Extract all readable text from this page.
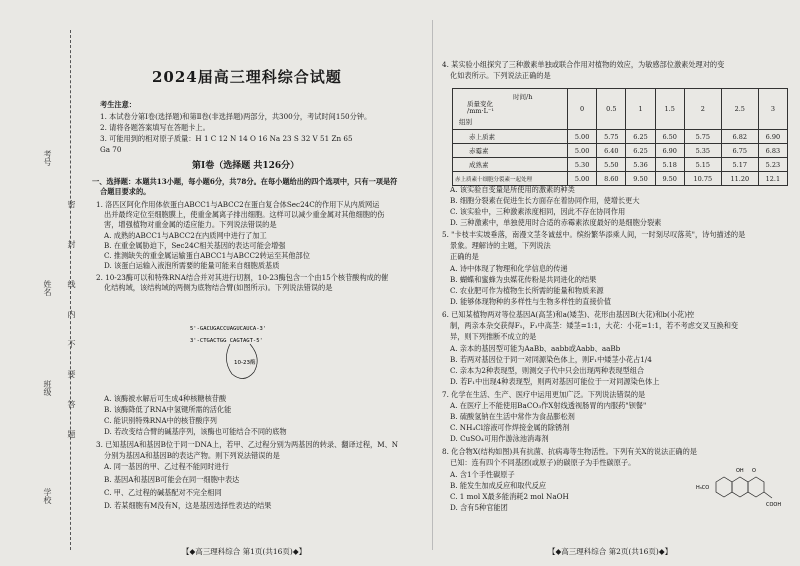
考号
姓名
班级
学校
密
封
线
内
不
要
答
题
2024届高三理科综合试题
考生注意：
1. 本试卷分第Ⅰ卷(选择题)和第Ⅱ卷(非选择题)两部分，共300分，考试时间150分钟。
2. 请将各题答案填写在答题卡上。
3. 可能用到的相对原子质量：H 1 C 12 N 14 O 16 Na 23 S 32 V 51 Zn 65
Ga 70
第Ⅰ卷（选择题 共126分）
一、选择题：本题共13小题，每小题6分，共78分。在每小题给出的四个选项中，只有一项是符
合题目要求的。
1. 洛匹区阿化作用体依蛋白ABCC1与ABCC2在蛋白复合体Sec24C的作用下从内质网运
出并最终定位至细胞膜上，使重金属离子排出细胞。这样可以减少重金属对其他细胞的伤
害，增强植物对重金属的适应能力。下列说法错误的是
A. 成熟的ABCC1与ABCC2在内质网中进行了加工
B. 在重金属胁迫下，Sec24C相关基因的表达可能会增强
C. 推测缺失的重金属运输蛋白ABCC1与ABCC2转运至其他部位
D. 该蛋白运输入液泡所需要的能量可能来自细胞质基质
2. 10-23酶可以和特殊RNA结合并对其进行切割，10-23酶包含一个由15个核苷酸构成的催
化结构域，该结构域的两侧为底物结合臂(如图所示)。下列说法错误的是
5'-GACUGACCUAGUCAUCA-3'
3'-CTGACTGG CAGTAGT-5'
10-23酶
A. 该酶被水解后可生成4种核糖核苷酸
B. 该酶降低了RNA中氢键所需的活化能
C. 能识别特殊RNA中的核苷酸序列
D. 若改变结合臂的碱基序列，该酶也可能结合不同的底物
3. 已知基因A和基因B位于同一DNA上，若甲、乙过程分别为两基因的转录、翻译过程，M、N
分别为基因A和基因B的表达产物。则下列说法错误的是
A. 同一基因的甲、乙过程不能同时进行
B. 基因A和基因B可能会在同一细胞中表达
C. 甲、乙过程的碱基配对不完全相同
D. 若某细胞有M没有N，这是基因选择性表达的结果
【◆高三理科综合 第1页(共16页)◆】
4. 某实验小组探究了三种激素单独或联合作用对植物的效应，为敏感部位激素处理对的变
化如表所示。下列说法正确的是
时间/h
质量变化
/mm·L⁻¹
组别	0	0.5	1	1.5	2	2.5	3
赤上质素	5.00	5.75	6.25	6.50	5.75	6.82	6.90
赤霉素	5.00	6.40	6.25	6.90	5.35	6.75	6.83
成熟素	5.30	5.50	5.36	5.18	5.15	5.17	5.23
赤上质素十细胞分裂素一起处理	5.00	8.60	9.50	9.50	10.75	11.20	12.1
A. 该实验自变量是所使用的激素的种类
B. 细胞分裂素在促进生长方面存在着协同作用，使增长更大
C. 该实验中，三种激素浓度相同，因此不存在协同作用
D. 三种激素中，单独使用时合适的赤霉素浓度最好的是细胞分裂素
5. "卡枝丰实坡垂落，南漫文茎冬诚兹中。缤纷繁华添乘人间，一时刻尽叹落英"，诗句描述的是
景象。理解诗的主题，下列说法
正确的是
A. 诗中体现了物理和化学信息的传递
B. 蝴蝶和蜜蜂为虫媒花传粉是共同进化的结果
C. 农业肥可作为植物生长所需的能量和物质来源
D. 能够体现物种的多样性与生物多样性的直接价值
6. 已知某植物两对等位基因A(高茎)和a(矮茎)、花形由基因B(大花)和b(小花)控
制，两亲本杂交获得F₁，F₁中高茎：矮茎=1:1，大花：小花=1:1，若不考虑交叉互换和变
异，则下列推断不成立的是
A. 亲本的基因型可能为AaBb、aabb或Aabb、aaBb
B. 若两对基因位于同一对同源染色体上，则F₁中矮茎小花占1/4
C. 亲本为2种表现型，则测交子代中只会出现两种表现型组合
D. 若F₁中出现4种表现型，则两对基因可能位于一对同源染色体上
7. 化学在生活、生产、医疗中运用更加广泛。下列说法错误的是
A. 在医疗上不能使用BaCO₃作X射线透视肠胃的内服药"钡餐"
B. 硫酸氢钠在生活中常作为食品膨松剂
C. NH₄Cl溶液可作焊接金属的除锈剂
D. CuSO₄可用作游泳池消毒剂
8. 化合物X(结构如图)具有抗菌、抗病毒等生物活性。下列有关X的说法正确的是
已知：连有四个不同基团(或原子)的碳原子为手性碳原子。
A. 含1个手性碳原子
B. 能发生加成反应和取代反应
C. 1 mol X最多能消耗2 mol NaOH
D. 含有5种官能团
H₃CO
OH O
COOH
【◆高三理科综合 第2页(共16页)◆】
